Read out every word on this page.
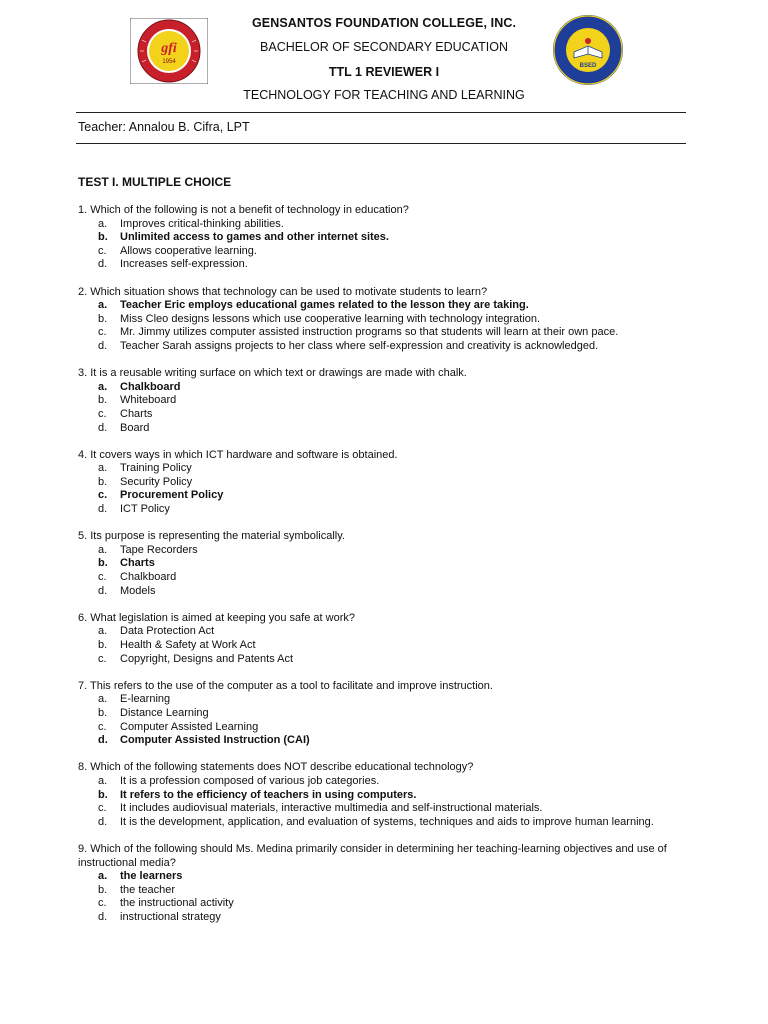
gfi
1954
BSED
GENSANTOS FOUNDATION COLLEGE, INC.
BACHELOR OF SECONDARY EDUCATION
TTL 1 REVIEWER I
TECHNOLOGY FOR TEACHING AND LEARNING
Teacher: Annalou B. Cifra, LPT
TEST I. MULTIPLE CHOICE

1. Which of the following is not a benefit of technology in education?

a.	Improves critical-thinking abilities.
b.	Unlimited access to games and other internet sites.
c.	Allows cooperative learning.
d.	Increases self-expression.

2. Which situation shows that technology can be used to motivate students to learn?

a.	Teacher Eric employs educational games related to the lesson they are taking.
b.	Miss Cleo designs lessons which use cooperative learning with technology integration.
c.	Mr. Jimmy utilizes computer assisted instruction programs so that students will learn at their own pace.
d.	Teacher Sarah assigns projects to her class where self-expression and creativity is acknowledged.

3. It is a reusable writing surface on which text or drawings are made with chalk.

a.	Chalkboard
b.	Whiteboard
c.	Charts
d.	Board

4. It covers ways in which ICT hardware and software is obtained.

a.	Training Policy
b.	Security Policy
c.	Procurement Policy
d.	ICT Policy

5. Its purpose is representing the material symbolically.

a.	Tape Recorders
b.	Charts
c.	Chalkboard
d.	Models

6. What legislation is aimed at keeping you safe at work?

a.	Data Protection Act
b.	Health & Safety at Work Act
c.	Copyright, Designs and Patents Act

7. This refers to the use of the computer as a tool to facilitate and improve instruction.

a.	E-learning
b.	Distance Learning
c.	Computer Assisted Learning
d.	Computer Assisted Instruction (CAI)

8. Which of the following statements does NOT describe educational technology?

a.	It is a profession composed of various job categories.
b.	It refers to the efficiency of teachers in using computers.
c.	It includes audiovisual materials, interactive multimedia and self-instructional materials.
d.	It is the development, application, and evaluation of systems, techniques and aids to improve human learning.

9. Which of the following should Ms. Medina primarily consider in determining her teaching-learning objectives and use of instructional media?

a.	the learners
b.	the teacher
c.	the instructional activity
d.	instructional strategy
